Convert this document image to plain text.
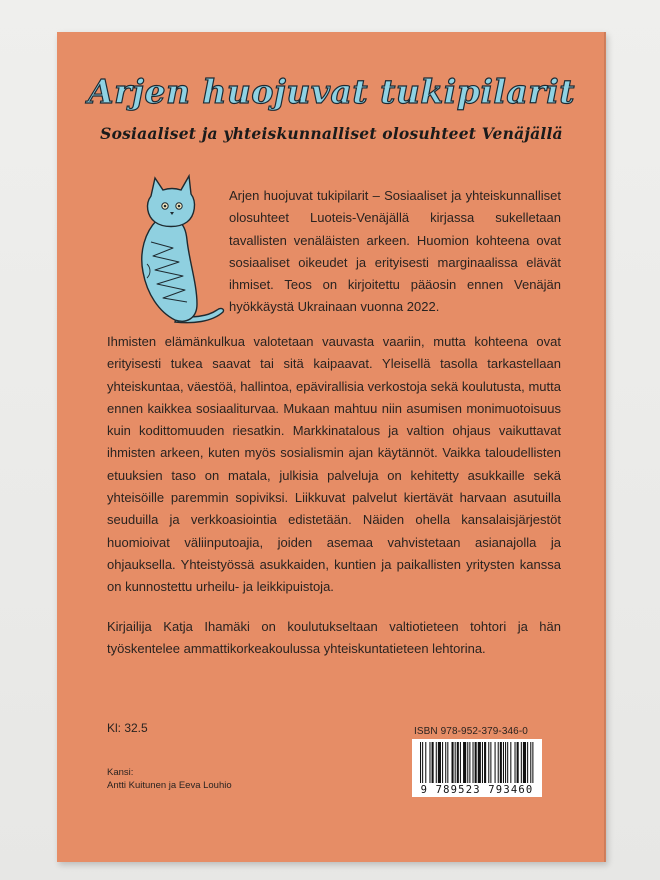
Arjen huojuvat tukipilarit
Sosiaaliset ja yhteiskunnalliset olosuhteet Venäjällä

Arjen huojuvat tukipilarit – Sosiaaliset ja yhteiskunnalliset olosuhteet Luoteis-Venäjällä kirjassa sukelletaan tavallisten venäläisten arkeen. Huomion kohteena ovat sosiaaliset oikeudet ja erityisesti marginaalissa elävät ihmiset. Teos on kirjoitettu pääosin ennen Venäjän hyökkäystä Ukrainaan vuonna 2022.

Ihmisten elämänkulkua valotetaan vauvasta vaariin, mutta kohteena ovat erityisesti tukea saavat tai sitä kaipaavat. Yleisellä tasolla tarkastellaan yhteiskuntaa, väestöä, hallintoa, epävirallisia verkostoja sekä koulutusta, mutta ennen kaikkea sosiaaliturvaa. Mukaan mahtuu niin asumisen monimuotoisuus kuin kodittomuuden riesatkin. Markkinatalous ja valtion ohjaus vaikuttavat ihmisten arkeen, kuten myös sosialismin ajan käytännöt. Vaikka taloudellisten etuuksien taso on matala, julkisia palveluja on kehitetty asukkaille sekä yhteisöille paremmin sopiviksi. Liikkuvat palvelut kiertävät harvaan asutuilla seuduilla ja verkkoasiointia edistetään. Näiden ohella kansalaisjärjestöt huomioivat väliinputoajia, joiden asemaa vahvistetaan asianajolla ja ohjauksella. Yhteistyössä asukkaiden, kuntien ja paikallisten yritysten kanssa on kunnostettu urheilu- ja leikkipuistoja.

Kirjailija Katja Ihamäki on koulutukseltaan valtiotieteen tohtori ja hän työskentelee ammattikorkeakoulussa yhteiskuntatieteen lehtorina.

Kl: 32.5

Kansi:
Antti Kuitunen ja Eeva Louhio

ISBN 978-952-379-346-0

9 789523 793460
